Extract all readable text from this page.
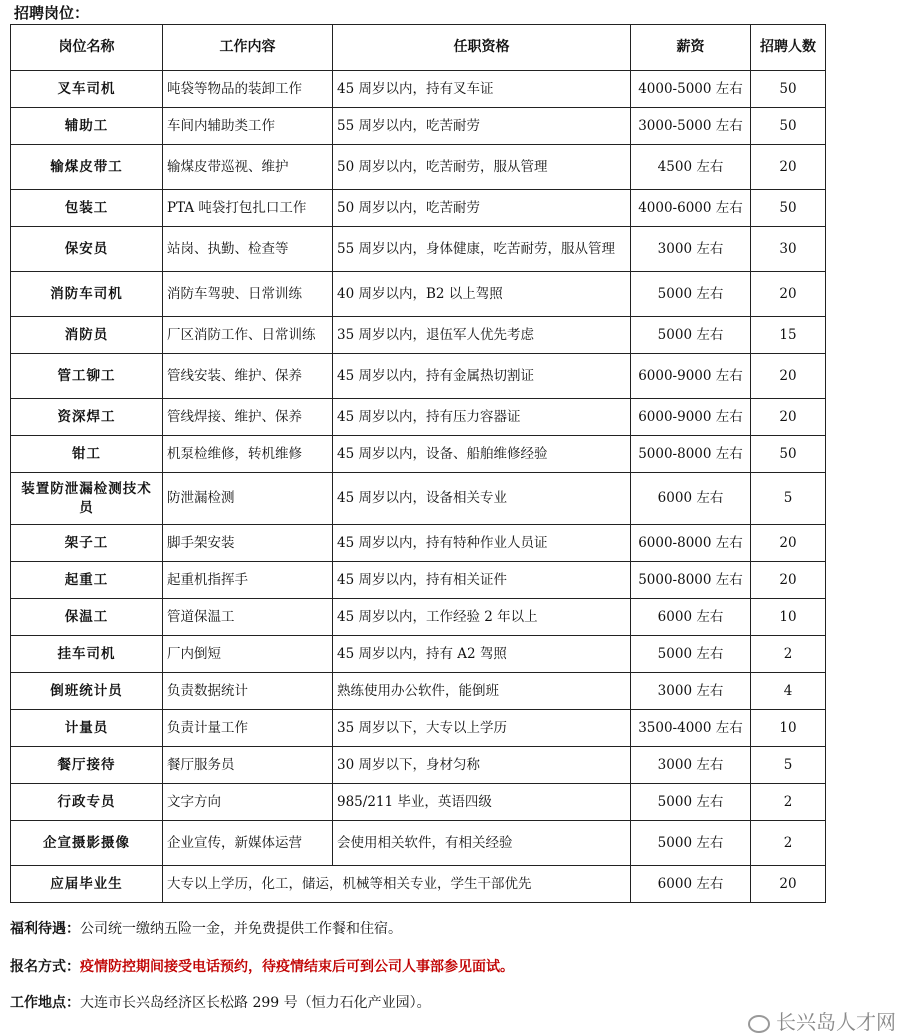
招聘岗位：
岗位名称	工作内容	任职资格	薪资	招聘人数

叉车司机	吨袋等物品的装卸工作	45 周岁以内，持有叉车证	4000-5000 左右	50

辅助工	车间内辅助类工作	55 周岁以内，吃苦耐劳	3000-5000 左右	50

输煤皮带工	输煤皮带巡视、维护	50 周岁以内，吃苦耐劳，服从管理	4500 左右	20

包装工	PTA 吨袋打包扎口工作	50 周岁以内，吃苦耐劳	4000-6000 左右	50

保安员	站岗、执勤、检查等	55 周岁以内，身体健康，吃苦耐劳，服从管理	3000 左右	30

消防车司机	消防车驾驶、日常训练	40 周岁以内，B2 以上驾照	5000 左右	20

消防员	厂区消防工作、日常训练	35 周岁以内，退伍军人优先考虑	5000 左右	15

管工铆工	管线安装、维护、保养	45 周岁以内，持有金属热切割证	6000-9000 左右	20

资深焊工	管线焊接、维护、保养	45 周岁以内，持有压力容器证	6000-9000 左右	20

钳工	机泵检维修，转机维修	45 周岁以内，设备、船舶维修经验	5000-8000 左右	50

装置防泄漏检测技术员	防泄漏检测	45 周岁以内，设备相关专业	6000 左右	5

架子工	脚手架安装	45 周岁以内，持有特种作业人员证	6000-8000 左右	20

起重工	起重机指挥手	45 周岁以内，持有相关证件	5000-8000 左右	20

保温工	管道保温工	45 周岁以内，工作经验 2 年以上	6000 左右	10

挂车司机	厂内倒短	45 周岁以内，持有 A2 驾照	5000 左右	2

倒班统计员	负责数据统计	熟练使用办公软件，能倒班	3000 左右	4

计量员	负责计量工作	35 周岁以下，大专以上学历	3500-4000 左右	10

餐厅接待	餐厅服务员	30 周岁以下，身材匀称	3000 左右	5

行政专员	文字方向	985/211 毕业，英语四级	5000 左右	2

企宣摄影摄像	企业宣传，新媒体运营	会使用相关软件，有相关经验	5000 左右	2

应届毕业生	大专以上学历，化工，储运，机械等相关专业，学生干部优先		6000 左右	20
福利待遇：公司统一缴纳五险一金，并免费提供工作餐和住宿。
报名方式：疫情防控期间接受电话预约，待疫情结束后可到公司人事部参见面试。
工作地点：大连市长兴岛经济区长松路 299 号（恒力石化产业园）。
长兴岛人才网
